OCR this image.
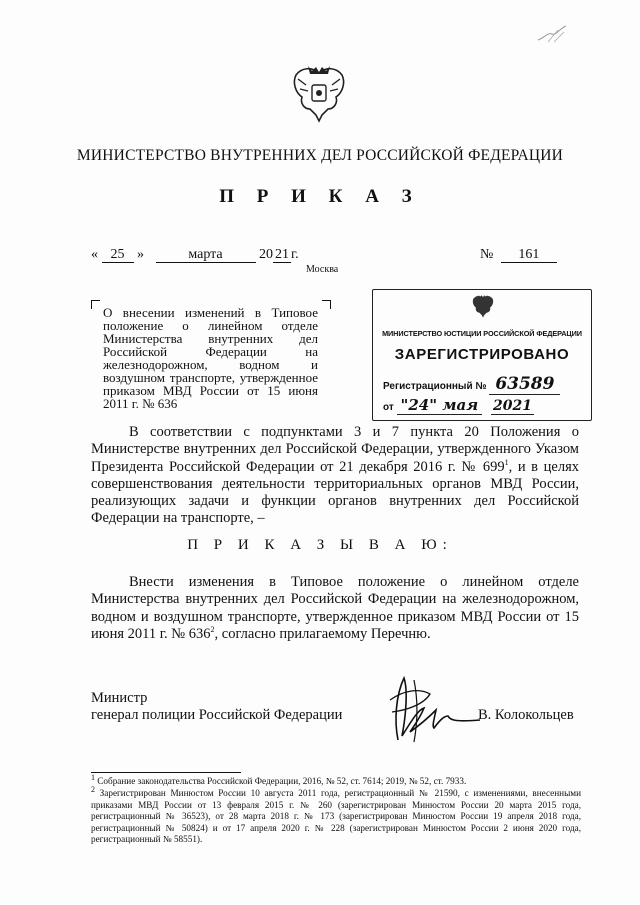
МИНИСТЕРСТВО ВНУТРЕННИХ ДЕЛ РОССИЙСКОЙ ФЕДЕРАЦИИ
П Р И К А З
« 25 »	марта	20 21 г.	№ 161
Москва
О внесении изменений в Типовое положение о линейном отделе Министерства внутренних дел Российской Федерации на железнодорожном, водном и воздушном транспорте, утвержденное приказом МВД России от 15 июня 2011 г. № 636
МИНИСТЕРСТВО ЮСТИЦИИ РОССИЙСКОЙ ФЕДЕРАЦИИ
ЗАРЕГИСТРИРОВАНО
Регистрационный № 63589
от "24" мая 2021
В соответствии с подпунктами 3 и 7 пункта 20 Положения о Министерстве внутренних дел Российской Федерации, утвержденного Указом Президента Российской Федерации от 21 декабря 2016 г. № $699^1$, и в целях совершенствования деятельности территориальных органов МВД России, реализующих задачи и функции органов внутренних дел Российской Федерации на транспорте, –
П Р И К А З Ы В А Ю:
Внести изменения в Типовое положение о линейном отделе Министерства внутренних дел Российской Федерации на железнодорожном, водном и воздушном транспорте, утвержденное приказом МВД России от 15 июня 2011 г. № $636^2$, согласно прилагаемому Перечню.
Министр
генерал полиции Российской Федерации	В. Колокольцев
$^1$ Собрание законодательства Российской Федерации, 2016, № 52, ст. 7614; 2019, № 52, ст. 7933.
$^2$ Зарегистрирован Минюстом России 10 августа 2011 года, регистрационный № 21590, с изменениями, внесенными приказами МВД России от 13 февраля 2015 г. № 260 (зарегистрирован Минюстом России 20 марта 2015 года, регистрационный № 36523), от 28 марта 2018 г. № 173 (зарегистрирован Минюстом России 19 апреля 2018 года, регистрационный № 50824) и от 17 апреля 2020 г. № 228 (зарегистрирован Минюстом России 2 июня 2020 года, регистрационный № 58551).
